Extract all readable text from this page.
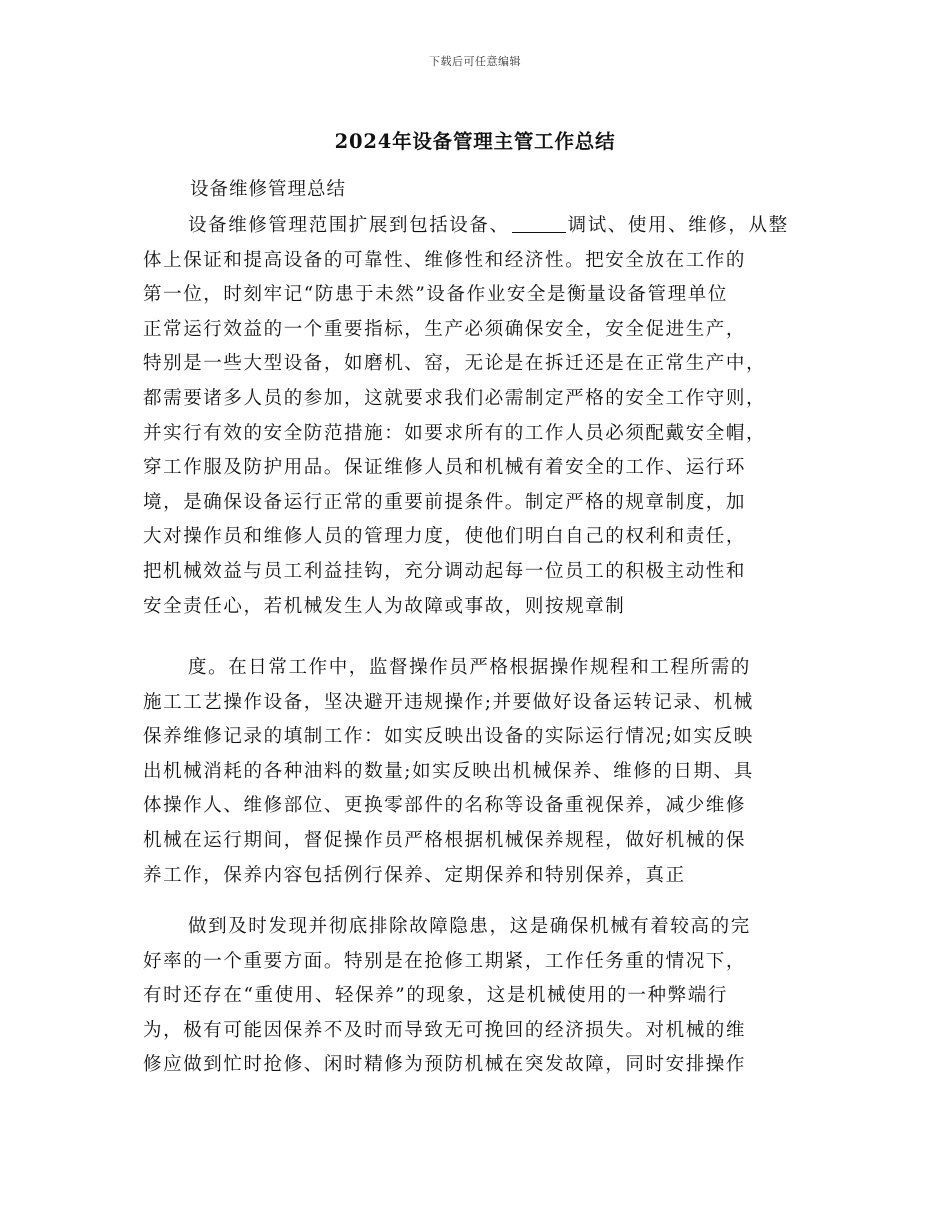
下载后可任意编辑
2024年设备管理主管工作总结
设备维修管理总结
设备维修管理范围扩展到包括设备、	调试、使用、维修，从整
体上保证和提高设备的可靠性、维修性和经济性。把安全放在工作的
第一位，时刻牢记“防患于未然”设备作业安全是衡量设备管理单位
正常运行效益的一个重要指标，生产必须确保安全，安全促进生产，
特别是一些大型设备，如磨机、窑，无论是在拆迁还是在正常生产中，
都需要诸多人员的参加，这就要求我们必需制定严格的安全工作守则，
并实行有效的安全防范措施：如要求所有的工作人员必须配戴安全帽，
穿工作服及防护用品。保证维修人员和机械有着安全的工作、运行环
境，是确保设备运行正常的重要前提条件。制定严格的规章制度，加
大对操作员和维修人员的管理力度，使他们明白自己的权利和责任，
把机械效益与员工利益挂钩，充分调动起每一位员工的积极主动性和
安全责任心，若机械发生人为故障或事故，则按规章制
度。在日常工作中，监督操作员严格根据操作规程和工程所需的
施工工艺操作设备，坚决避开违规操作;并要做好设备运转记录、机械
保养维修记录的填制工作：如实反映出设备的实际运行情况;如实反映
出机械消耗的各种油料的数量;如实反映出机械保养、维修的日期、具
体操作人、维修部位、更换零部件的名称等设备重视保养，减少维修
机械在运行期间，督促操作员严格根据机械保养规程，做好机械的保
养工作，保养内容包括例行保养、定期保养和特别保养，真正
做到及时发现并彻底排除故障隐患，这是确保机械有着较高的完
好率的一个重要方面。特别是在抢修工期紧，工作任务重的情况下，
有时还存在“重使用、轻保养”的现象，这是机械使用的一种弊端行
为，极有可能因保养不及时而导致无可挽回的经济损失。对机械的维
修应做到忙时抢修、闲时精修为预防机械在突发故障，同时安排操作
